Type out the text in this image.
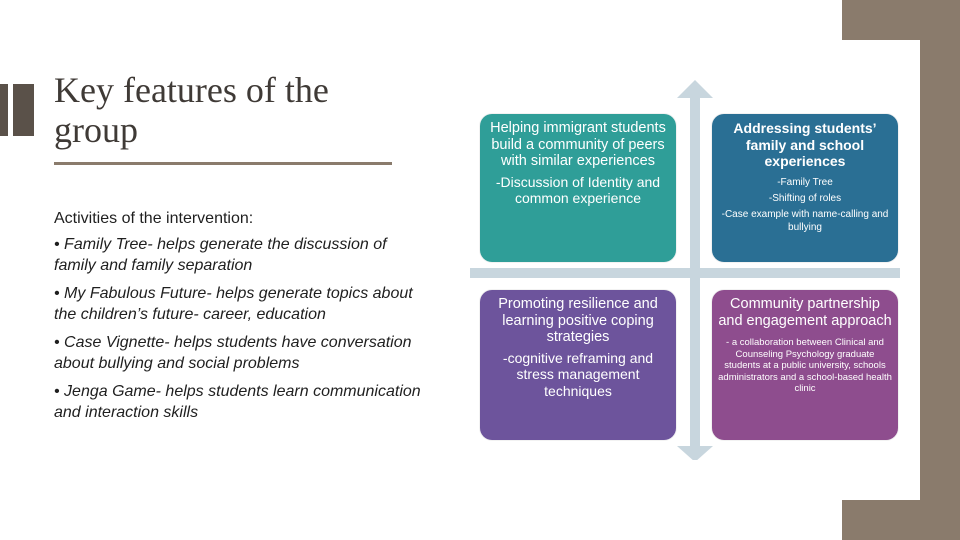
Key features of the group

Activities of the intervention:

• Family Tree- helps generate the discussion of family and family separation

• My Fabulous Future- helps generate topics about the children’s future- career, education

• Case Vignette- helps students have conversation about bullying and social problems

• Jenga Game- helps students learn communication and interaction skills

Helping immigrant students build a community of peers with similar experiences

-Discussion of Identity and common experience

Addressing students’ family and school experiences

-Family Tree

-Shifting of roles

-Case example with name-calling and bullying

Promoting resilience and learning positive coping strategies

-cognitive reframing and stress management techniques

Community partnership and engagement approach

- a collaboration between Clinical and Counseling Psychology graduate students at a public university, schools administrators and a school-based health clinic
